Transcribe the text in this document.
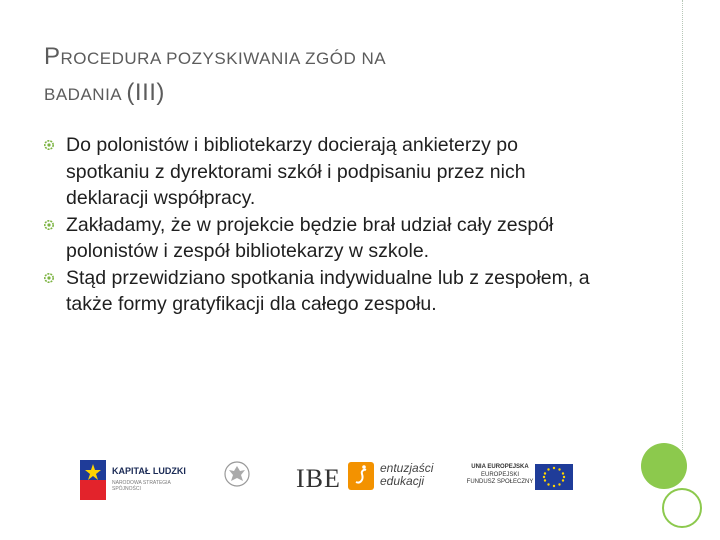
PROCEDURA POZYSKIWANIA ZGÓD NA
BADANIA (III)
Do polonistów i bibliotekarzy docierają ankieterzy po spotkaniu z dyrektorami szkół i podpisaniu przez nich deklaracji współpracy.
Zakładamy, że w projekcie będzie brał udział cały zespół polonistów i zespół bibliotekarzy w szkole.
Stąd przewidziano spotkania indywidualne lub z zespołem, a także formy gratyfikacji dla całego zespołu.
KAPITAŁ LUDZKI
NARODOWA STRATEGIA SPÓJNOŚCI	IBE	entuzjaści
edukacji
UNIA EUROPEJSKA
EUROPEJSKI
FUNDUSZ SPOŁECZNY
